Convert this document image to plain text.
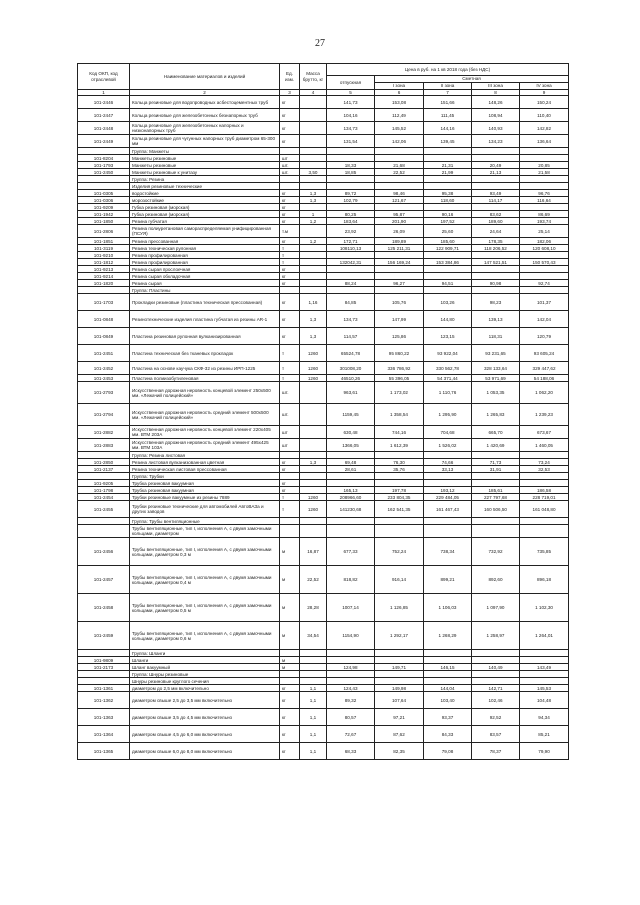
27
Код ОКП, код отраслевой	Наименование материалов и изделий	Ед. изм.	Масса брутто, кг	Цена в руб. на 1 кв 2018 года (без НДС)				
				отпускная	Сметная			
					I зона	II зона	III зона	IV зона
1	2	3	4	5	6	7	8	9
101-2446	Кольца резиновые для водопроводных асбестоцементных труб	кг		141,73	153,08	151,66	148,26	150,24
101-2447	Кольца резиновые для железобетонных безнапорных труб	кг		104,16	112,49	111,45	108,94	110,40
101-2448	Кольца резиновые для железобетонных напорных и низконапорных труб	кг		134,73	145,52	144,16	140,93	142,82
101-2449	Кольца резиновые для чугунных напорных труб диаметром 65-300 мм	кг		131,54	142,06	139,45	134,23	136,64
	Группа: Манжеты							
101-8204	Манжеты резиновые	шт						
101-1793	Манжеты резиновые	шт.		18,33	21,68	21,31	20,49	20,85
101-2450	Манжеты резиновые к унитазу	шт.	3,50	18,85	22,52	21,99	21,13	21,58
	Группа: Резина							
	Изделия резиновые технические							
101-0305	водостойкие	кг	1,3	89,72	98,46	95,38	93,49	96,76
101-0306	морозостойкие	кг	1,3	102,79	121,67	118,60	114,17	116,64
101-9209	Губка резиновая (морская)	кг						
101-1942	Губка резиновая (морская)	кг	1	80,25	95,87	90,16	83,62	86,69
101-1850	Резина губчатая	кг	1,2	183,64	201,90	197,52	189,60	193,74
101-2806	Резина полиуретановая самораспределяемая унифицированная (ПСУЯ)	т.м		23,92	26,09	25,60	24,64	25,14
101-1851	Резина прессованная	кг	1,2	172,71	189,89	185,60	178,35	182,06
101-3119	Резина техническая рулонная	т		108110,13	125 211,31	122 909,71	118 206,52	120 608,10
101-9210	Резина профилированная	т						
101-1812	Резина профилированная	т		132042,31	156 169,24	153 384,86	147 521,51	150 570,43
101-9213	Резина сырая прослоечная	кг						
101-9214	Резина сырая обкладочная	кг						
101-1820	Резина сырая	кг		88,24	96,27	94,51	90,98	92,74
	Группа: Пластины							
101-1703	Прокладки резиновые (пластина техническая прессованная)	кг	1,16	84,85	105,76	103,26	98,23	101,37
101-0848	Резинотехнические изделия пластина губчатая из резины AR-1	кг	1,3	134,73	147,99	144,80	139,13	142,04
101-0849	Пластина резиновая рулонная вулканизированная	кг	1,3	114,57	125,86	123,15	118,31	120,79
101-2451	Пластина техническая без тканевых прокладок	т	1260	65524,78	95 860,22	93 922,04	93 231,65	93 605,24
101-2452	Пластина на основе каучука СКФ-32 из резины ИРП-1225	т	1260	301008,20	336 786,92	330 562,78	328 133,64	329 447,62
101-2453	Пластина полиизобутиленовая	т	1260	46510,26	55 396,05	54 371,44	53 971,69	54 188,06
101-2793	Искусственная дорожная неровность концевой элемент 250х500 мм. «Лежачий полицейский»	шт.		963,61	1 173,02	1 110,76	1 053,35	1 062,20
101-2794	Искусственная дорожная неровность средний элемент 500х500 мм. «Лежачий полицейский»	шт.		1159,45	1 358,54	1 295,90	1 265,83	1 239,23
101-2882	Искусственная дорожная неровность концевой элемент 220х405 мм. ВТМ 203А	шт		630,48	744,16	704,68	665,70	673,67
101-2883	Искусственная дорожная неровность средний элемент 495х425 мм. ВТМ 103А	шт		1366,05	1 612,39	1 526,02	1 420,69	1 460,05
	Группа: Резина листовая							
101-2850	Резина листовая вулканизованная цветная	кг	1,3	69,48	76,30	74,66	71,73	73,24
101-2137	Резина техническая листовая прессованная	кг		28,61	35,76	33,13	31,91	32,53
	Группа: Трубки							
101-9205	Трубка резиновая вакуумная	кг						
101-1798	Трубка резиновая вакуумная	кг		165,13	197,78	193,12	185,61	186,58
101-2454	Трубки резиновые вакуумные из резины 7889	т	1260	208966,60	233 804,35	229 484,05	227 797,68	228 719,01
101-2455	Трубки резиновые технические для автомобилей АвтоВАЗа и других заводов	т	1260	141230,68	162 541,35	161 467,43	160 506,50	161 048,80
	Группа: Трубы вентиляционные							
	Трубы вентиляционные, тип I, исполнения А, с двумя замочными кольцами, диаметром							
101-2456	Трубы вентиляционные, тип I, исполнения А, с двумя замочными кольцами, диаметром 0,3 м	м	16,87	677,33	752,24	738,34	732,92	735,85
101-2457	Трубы вентиляционные, тип I, исполнения А, с двумя замочными кольцами, диаметром 0,4 м	м	22,52	818,82	916,14	899,21	892,60	896,18
101-2458	Трубы вентиляционные, тип I, исполнения А, с двумя замочными кольцами, диаметром 0,5 м	м	28,28	1007,14	1 126,85	1 106,03	1 097,90	1 102,30
101-2459	Трубы вентиляционные, тип I, исполнения А, с двумя замочными кольцами, диаметром 0,6 м	м	34,54	1154,90	1 292,17	1 268,29	1 258,97	1 264,01
	Группа: Шланги							
101-9809	Шланги	м						
101-2173	Шланг вакуумный	м		124,98	149,71	146,15	140,49	143,49
	Группа: Шнуры резиновые							
	Шнуры резиновые круглого сечения							
101-1361	диаметром до 2,5 мм включительно	кг	1,1	124,43	149,98	144,04	142,71	145,53
101-1362	диаметром свыше 2,5 до 3,5 мм включительно	кг	1,1	89,32	107,64	103,40	102,46	104,48
101-1363	диаметром свыше 3,5 до 4,5 мм включительно	кг	1,1	80,57	97,21	93,37	92,52	94,34
101-1364	диаметром свыше 4,5 до 6,0 мм включительно	кг	1,1	72,67	87,62	84,33	83,57	85,21
101-1365	диаметром свыше 6,0 до 8,0 мм включительно	кг	1,1	68,33	82,35	79,08	78,37	79,90
